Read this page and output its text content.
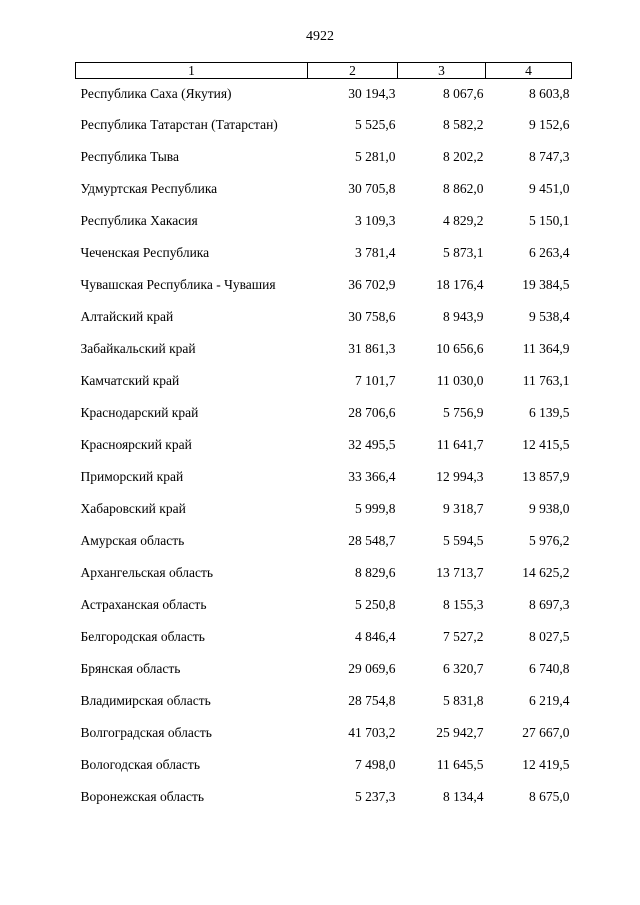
4922
1	2	3	4
Республика Саха (Якутия)	30 194,3	8 067,6	8 603,8
Республика Татарстан (Татарстан)	5 525,6	8 582,2	9 152,6
Республика Тыва	5 281,0	8 202,2	8 747,3
Удмуртская Республика	30 705,8	8 862,0	9 451,0
Республика Хакасия	3 109,3	4 829,2	5 150,1
Чеченская Республика	3 781,4	5 873,1	6 263,4
Чувашская Республика - Чувашия	36 702,9	18 176,4	19 384,5
Алтайский край	30 758,6	8 943,9	9 538,4
Забайкальский край	31 861,3	10 656,6	11 364,9
Камчатский край	7 101,7	11 030,0	11 763,1
Краснодарский край	28 706,6	5 756,9	6 139,5
Красноярский край	32 495,5	11 641,7	12 415,5
Приморский край	33 366,4	12 994,3	13 857,9
Хабаровский край	5 999,8	9 318,7	9 938,0
Амурская область	28 548,7	5 594,5	5 976,2
Архангельская область	8 829,6	13 713,7	14 625,2
Астраханская область	5 250,8	8 155,3	8 697,3
Белгородская область	4 846,4	7 527,2	8 027,5
Брянская область	29 069,6	6 320,7	6 740,8
Владимирская область	28 754,8	5 831,8	6 219,4
Волгоградская область	41 703,2	25 942,7	27 667,0
Вологодская область	7 498,0	11 645,5	12 419,5
Воронежская область	5 237,3	8 134,4	8 675,0
